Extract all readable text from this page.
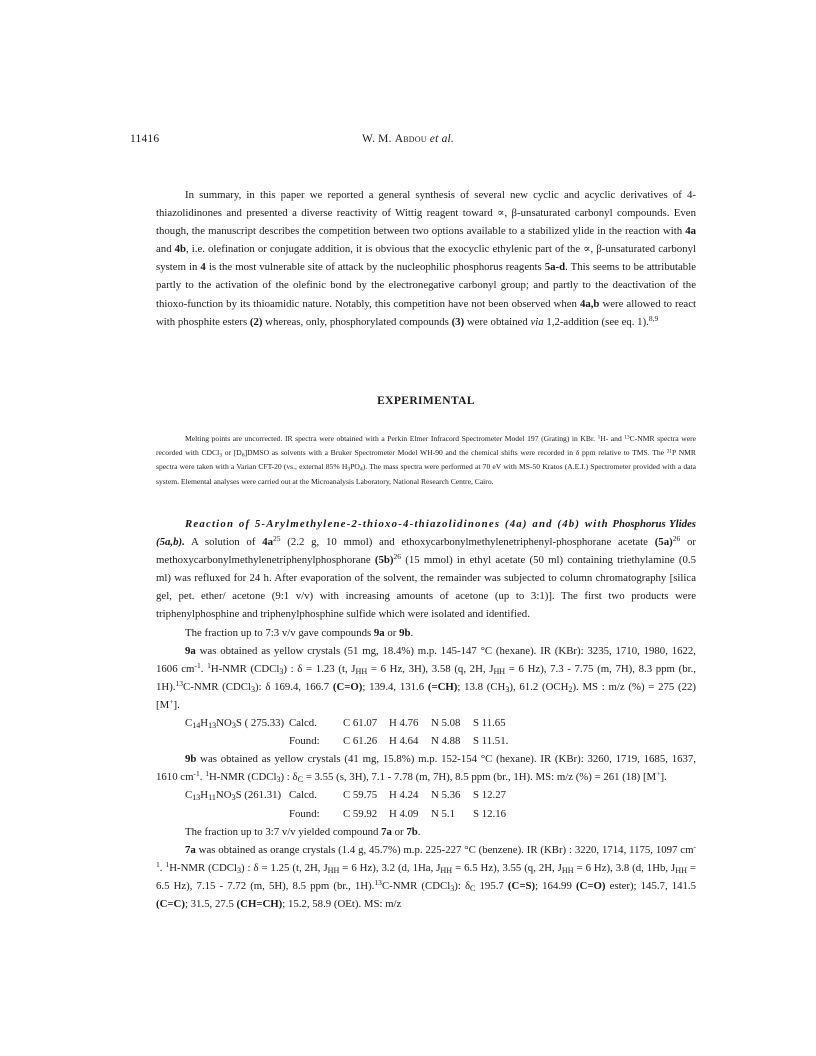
11416	W. M. Abdou et al.

In summary, in this paper we reported a general synthesis of several new cyclic and acyclic derivatives of 4-thiazolidinones and presented a diverse reactivity of Wittig reagent toward ∝, β-unsaturated carbonyl compounds. Even though, the manuscript describes the competition between two options available to a stabilized ylide in the reaction with 4a and 4b, i.e. olefination or conjugate addition, it is obvious that the exocyclic ethylenic part of the ∝, β-unsaturated carbonyl system in 4 is the most vulnerable site of attack by the nucleophilic phosphorus reagents 5a-d. This seems to be attributable partly to the activation of the olefinic bond by the electronegative carbonyl group; and partly to the deactivation of the thioxo-function by its thioamidic nature. Notably, this competition have not been observed when 4a,b were allowed to react with phosphite esters (2) whereas, only, phosphorylated compounds (3) were obtained via 1,2-addition (see eq. 1).$^{8,9}$

EXPERIMENTAL

Melting points are uncorrected. IR spectra were obtained with a Perkin Elmer Infracord Spectrometer Model 197 (Grating) in KBr. $^1$H- and $^{13}$C-NMR spectra were recorded with CDCl$_3$ or $[D_6]DMSO$ as solvents with a Bruker Spectrometer Model WH-90 and the chemical shifts were recorded in δ ppm relative to TMS. The $^{31}$P NMR spectra were taken with a Varian CFT-20 (vs., external 85% $H_3PO_4$). The mass spectra were performed at 70 eV with MS-50 Kratos (A.E.I.) Spectrometer provided with a data system. Elemental analyses were carried out at the Microanalysis Laboratory, National Research Centre, Cairo.

Reaction of 5-Arylmethylene-2-thioxo-4-thiazolidinones (4a) and (4b) with Phosphorus Ylides (5a,b). A solution of $4a^{25}$ (2.2 g, 10 mmol) and ethoxycarbonylmethylenetriphenyl-phosphorane acetate $(5a)^{26}$ or methoxycarbonylmethylenetriphenylphosphorane $(5b)^{26}$ (15 mmol) in ethyl acetate (50 ml) containing triethylamine (0.5 ml) was refluxed for 24 h. After evaporation of the solvent, the remainder was subjected to column chromatography [silica gel, pet. ether/ acetone (9:1 v/v) with increasing amounts of acetone (up to 3:1)]. The first two products were triphenylphosphine and triphenylphosphine sulfide which were isolated and identified.

The fraction up to 7:3 v/v gave compounds 9a or 9b.

9a was obtained as yellow crystals (51 mg, 18.4%) m.p. 145-147 °C (hexane). IR (KBr): 3235, 1710, 1980, 1622, 1606 $cm^{-1}$. $^1$H-NMR (CDCl$_3$) : δ = 1.23 (t, $J_{HH} = 6$ Hz, 3H), 3.58 (q, 2H, $J_{HH} = 6$ Hz), 7.3 - 7.75 (m, 7H), 8.3 ppm (br., 1H).$^{13}$C-NMR (CDCl$_3$): δ 169.4, 166.7 (C=O); 139.4, 131.6 (=CH); 13.8 $(CH_3)$, 61.2 $(OCH_2)$. MS : m/z (%) = 275 (22) [M+].

$C_{14}H_{13}NO_3S$ ( 275.33) Calcd.	C 61.07	H 4.76	N 5.08	S 11.65
Found:	C 61.26	H 4.64	N 4.88	S 11.51.

9b was obtained as yellow crystals (41 mg, 15.8%) m.p. 152-154 °C (hexane). IR (KBr): 3260, 1719, 1685, 1637, 1610 $cm^{-1}$. $^1$H-NMR (CDCl$_3$) : $\delta_C = 3.55$ (s, 3H), 7.1 - 7.78 (m, 7H), 8.5 ppm (br., 1H). MS: m/z (%) = 261 (18) [M+].

$C_{13}H_{11}NO_3S$ (261.31) Calcd.	C 59.75	H 4.24	N 5.36	S 12.27
Found:	C 59.92	H 4.09	N 5.1	S 12.16

The fraction up to 3:7 v/v yielded compound 7a or 7b.

7a was obtained as orange crystals (1.4 g, 45.7%) m.p. 225-227 °C (benzene). IR (KBr) : 3220, 1714, 1175, 1097 $cm^{-1}$. $^1$H-NMR (CDCl$_3$) : δ = 1.25 (t, 2H, $J_{HH} = 6$ Hz), 3.2 (d, 1Ha, $J_{HH} = 6.5$ Hz), 3.55 (q, 2H, $J_{HH} = 6$ Hz), 3.8 (d, 1Hb, $J_{HH} = 6.5$ Hz), 7.15 - 7.72 (m, 5H), 8.5 ppm (br., 1H).$^{13}$C-NMR (CDCl$_3$): $\delta_C$ 195.7 (C=S); 164.99 (C=O) ester); 145.7, 141.5 (C=C); 31.5, 27.5 (CH=CH); 15.2, 58.9 (OEt). MS: m/z
